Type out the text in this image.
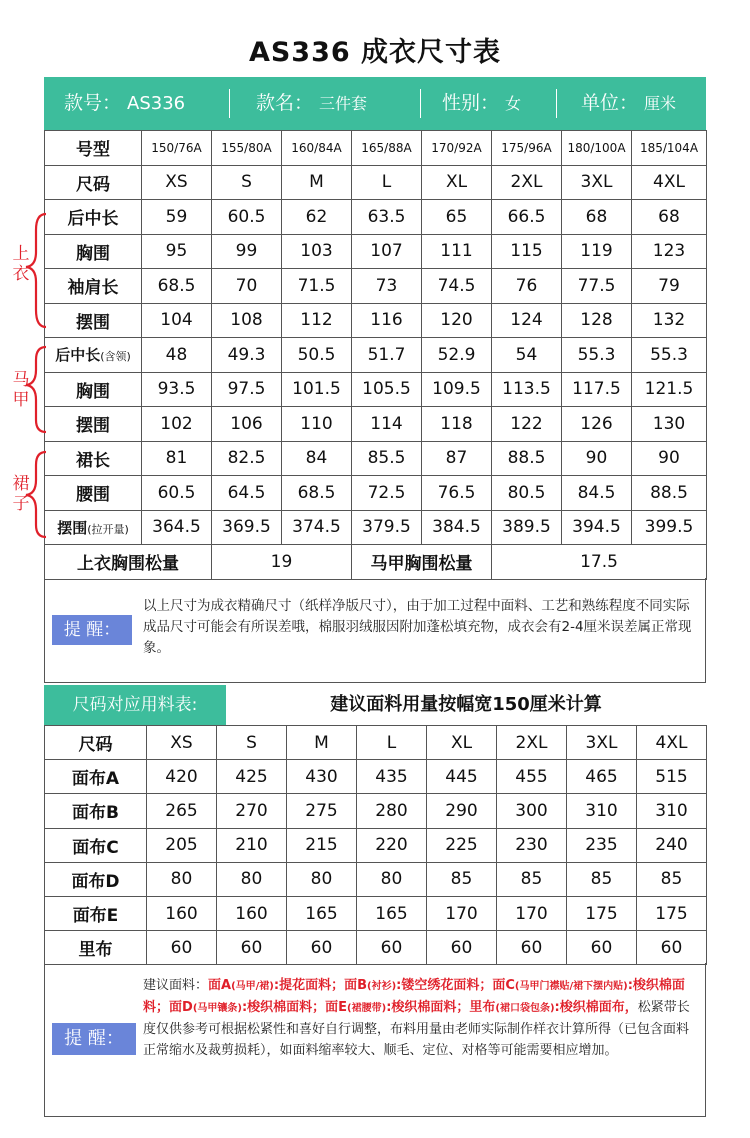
AS336 成衣尺寸表
款号： AS336	款名： 三件套	性别： 女	单位： 厘米
号型	150/76A	155/80A	160/84A	165/88A	170/92A	175/96A	180/100A	185/104A
尺码	XS	S	M	L	XL	2XL	3XL	4XL
后中长	59	60.5	62	63.5	65	66.5	68	68
胸围	95	99	103	107	111	115	119	123
袖肩长	68.5	70	71.5	73	74.5	76	77.5	79
摆围	104	108	112	116	120	124	128	132
后中长(含领)	48	49.3	50.5	51.7	52.9	54	55.3	55.3
胸围	93.5	97.5	101.5	105.5	109.5	113.5	117.5	121.5
摆围	102	106	110	114	118	122	126	130
裙长	81	82.5	84	85.5	87	88.5	90	90
腰围	60.5	64.5	68.5	72.5	76.5	80.5	84.5	88.5
摆围(拉开量)	364.5	369.5	374.5	379.5	384.5	389.5	394.5	399.5
上衣胸围松量		19		马甲胸围松量		17.5		
上衣
马甲
裙子
提 醒：
以上尺寸为成衣精确尺寸（纸样净版尺寸），由于加工过程中面料、工艺和熟练程度不同实际成品尺寸可能会有所误差哦，棉服羽绒服因附加蓬松填充物，成衣会有2-4厘米误差属正常现象。
尺码对应用料表:	建议面料用量按幅宽150厘米计算
尺码	XS	S	M	L	XL	2XL	3XL	4XL
面布A	420	425	430	435	445	455	465	515
面布B	265	270	275	280	290	300	310	310
面布C	205	210	215	220	225	230	235	240
面布D	80	80	80	80	85	85	85	85
面布E	160	160	165	165	170	170	175	175
里布	60	60	60	60	60	60	60	60
提 醒：
建议面料：面A(马甲/裙):提花面料；面B(衬衫):镂空绣花面料；面C(马甲门襟贴/裙下摆内贴):梭织棉面料；面D(马甲镶条):梭织棉面料；面E(裙腰带):梭织棉面料；里布(裙口袋包条):梭织棉面布，松紧带长度仅供参考可根据松紧性和喜好自行调整，布料用量由老师实际制作样衣计算所得（已包含面料正常缩水及裁剪损耗），如面料缩率较大、顺毛、定位、对格等可能需要相应增加。
